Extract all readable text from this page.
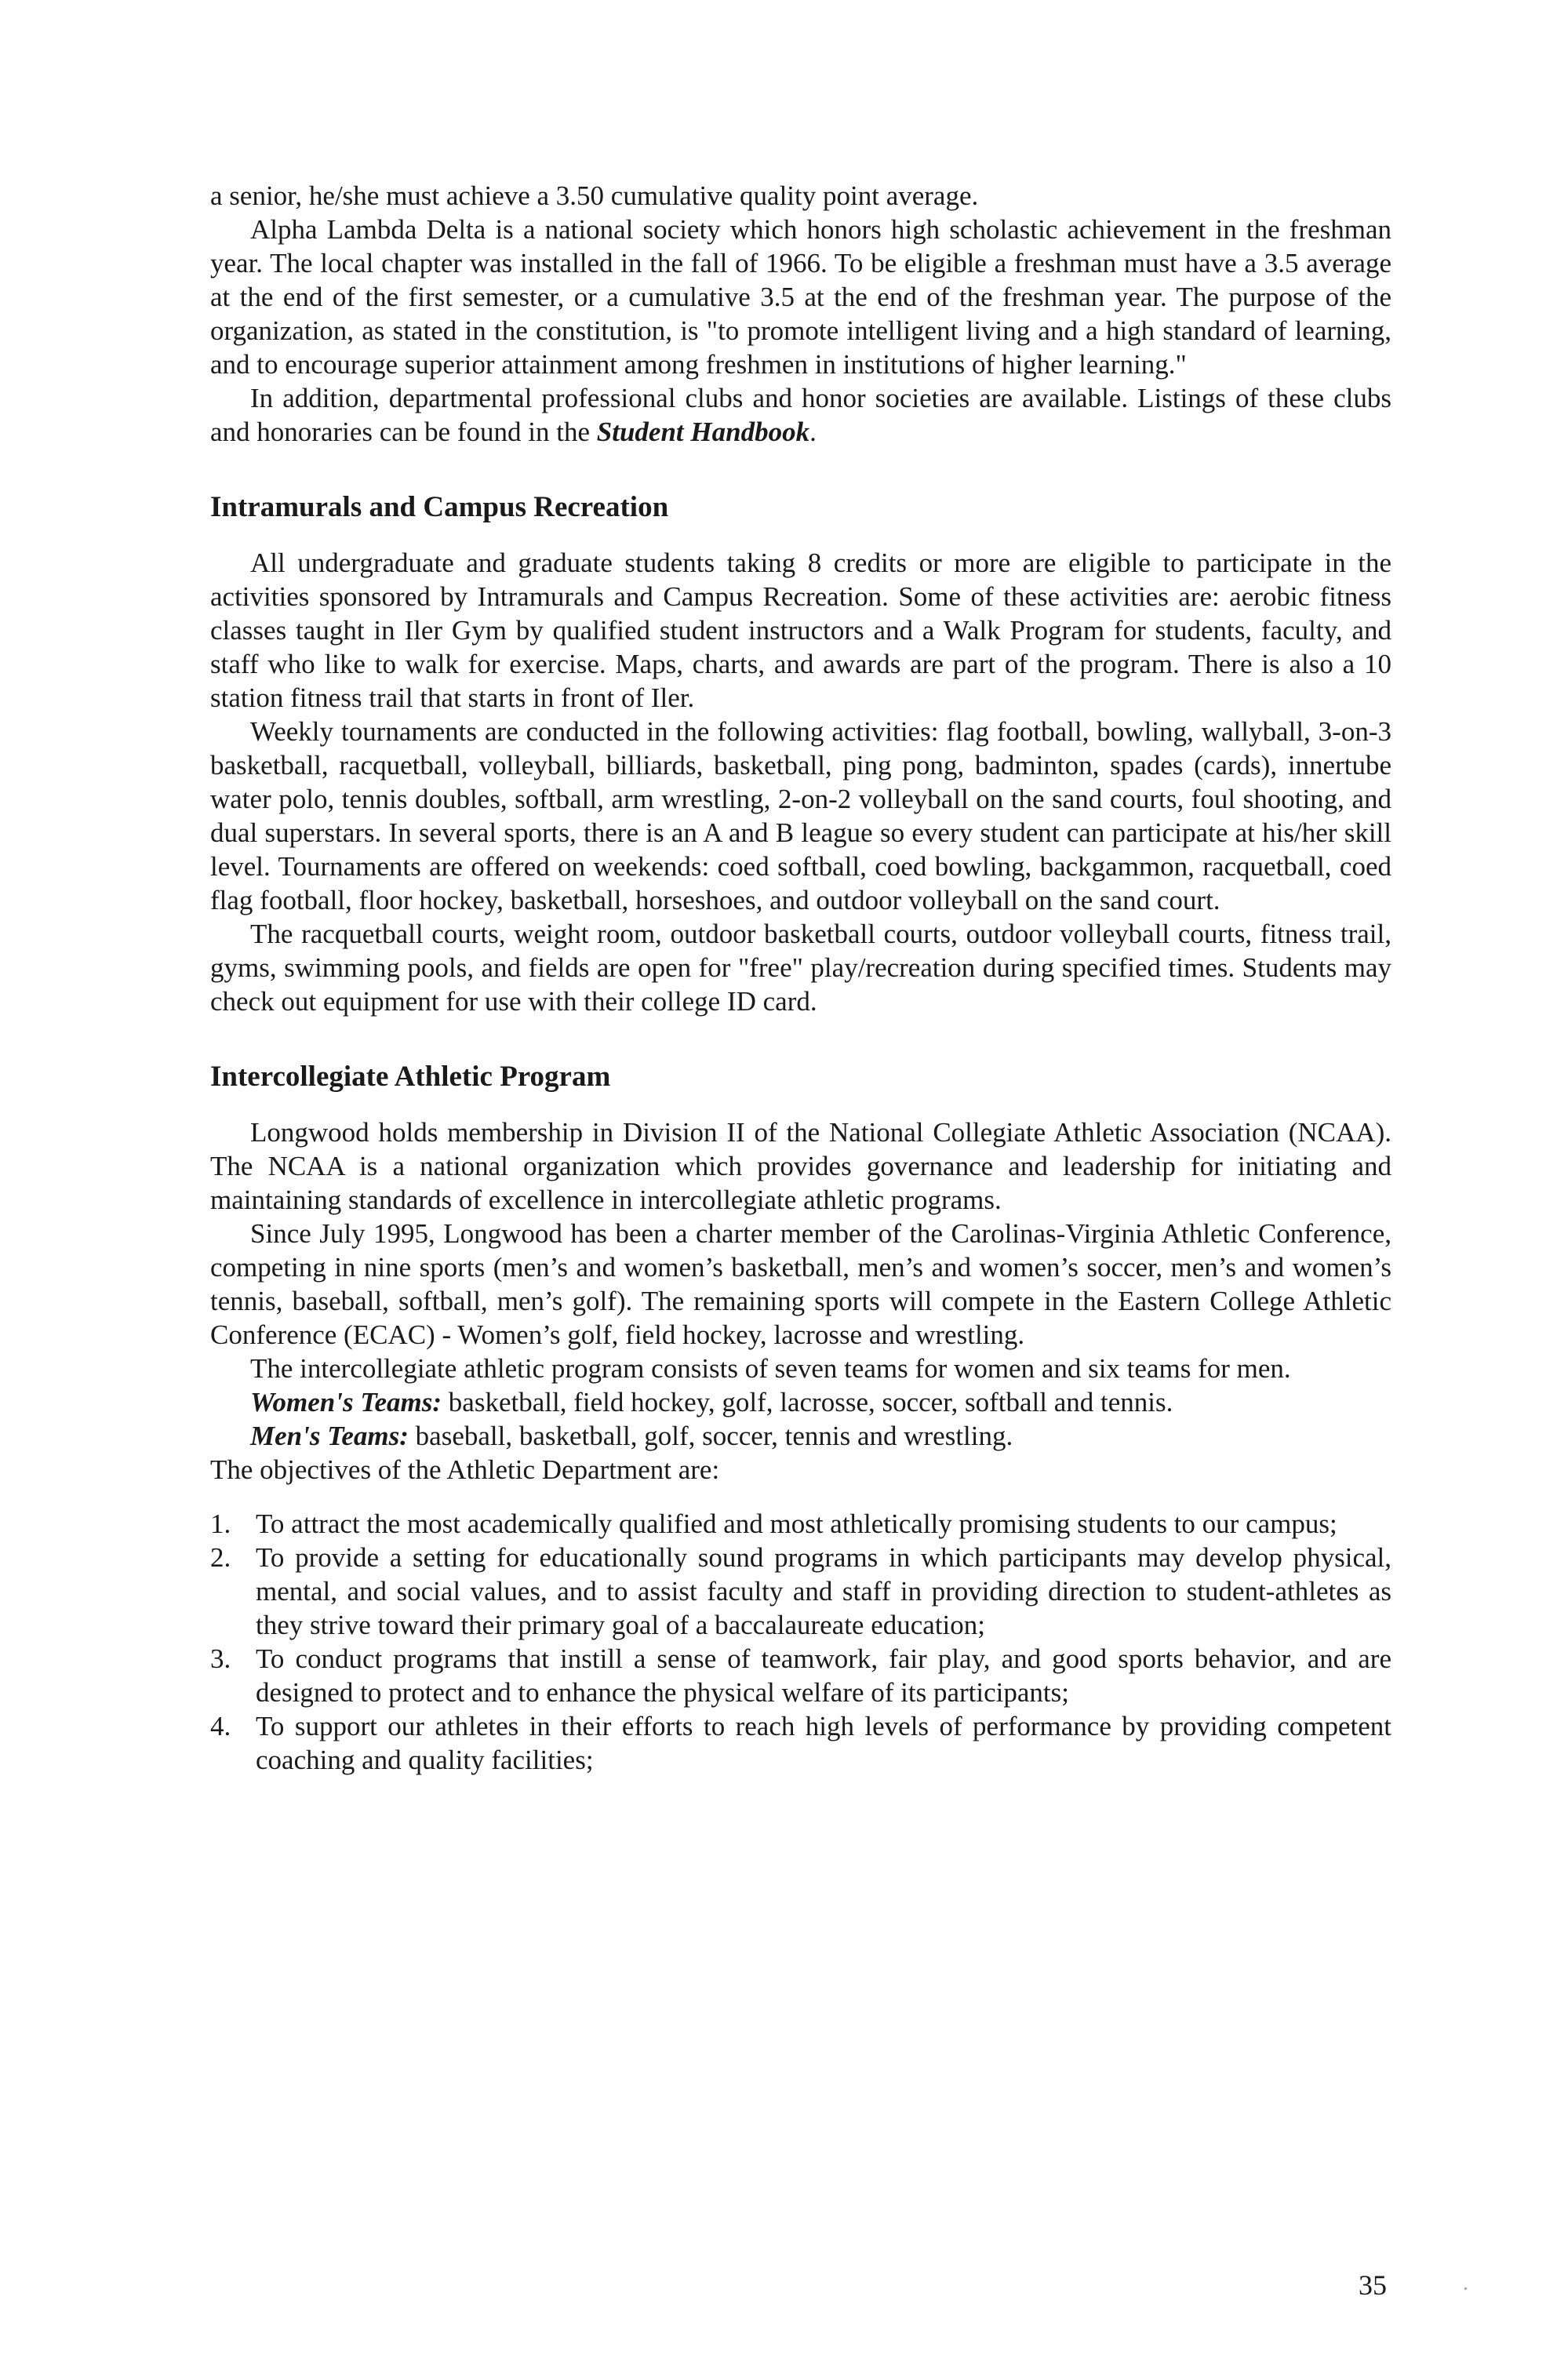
a senior, he/she must achieve a 3.50 cumulative quality point average.

Alpha Lambda Delta is a national society which honors high scholastic achievement in the freshman year. The local chapter was installed in the fall of 1966. To be eligible a freshman must have a 3.5 average at the end of the first semester, or a cumulative 3.5 at the end of the freshman year. The purpose of the organization, as stated in the constitution, is "to promote intelligent living and a high standard of learning, and to encourage superior attainment among freshmen in institutions of higher learning."

In addition, departmental professional clubs and honor societies are available. Listings of these clubs and honoraries can be found in the Student Handbook.

Intramurals and Campus Recreation

All undergraduate and graduate students taking 8 credits or more are eligible to participate in the activities sponsored by Intramurals and Campus Recreation. Some of these activities are: aerobic fitness classes taught in Iler Gym by qualified student instructors and a Walk Program for students, faculty, and staff who like to walk for exercise. Maps, charts, and awards are part of the program. There is also a 10 station fitness trail that starts in front of Iler.

Weekly tournaments are conducted in the following activities: flag football, bowling, wallyball, 3-on-3 basketball, racquetball, volleyball, billiards, basketball, ping pong, badminton, spades (cards), innertube water polo, tennis doubles, softball, arm wrestling, 2-on-2 volleyball on the sand courts, foul shooting, and dual superstars. In several sports, there is an A and B league so every student can participate at his/her skill level. Tournaments are offered on weekends: coed softball, coed bowling, backgammon, racquetball, coed flag football, floor hockey, basketball, horseshoes, and outdoor volleyball on the sand court.

The racquetball courts, weight room, outdoor basketball courts, outdoor volleyball courts, fitness trail, gyms, swimming pools, and fields are open for "free" play/recreation during specified times. Students may check out equipment for use with their college ID card.

Intercollegiate Athletic Program

Longwood holds membership in Division II of the National Collegiate Athletic Association (NCAA). The NCAA is a national organization which provides governance and leadership for initiating and maintaining standards of excellence in intercollegiate athletic programs.

Since July 1995, Longwood has been a charter member of the Carolinas-Virginia Athletic Conference, competing in nine sports (men’s and women’s basketball, men’s and women’s soccer, men’s and women’s tennis, baseball, softball, men’s golf). The remaining sports will compete in the Eastern College Athletic Conference (ECAC) - Women’s golf, field hockey, lacrosse and wrestling.

The intercollegiate athletic program consists of seven teams for women and six teams for men.

Women's Teams: basketball, field hockey, golf, lacrosse, soccer, softball and tennis.

Men's Teams: baseball, basketball, golf, soccer, tennis and wrestling.

The objectives of the Athletic Department are:

1. To attract the most academically qualified and most athletically promising students to our campus;
2. To provide a setting for educationally sound programs in which participants may develop physical, mental, and social values, and to assist faculty and staff in providing direction to student-athletes as they strive toward their primary goal of a baccalaureate education;
3. To conduct programs that instill a sense of teamwork, fair play, and good sports behavior, and are designed to protect and to enhance the physical welfare of its participants;
4. To support our athletes in their efforts to reach high levels of performance by providing competent coaching and quality facilities;
35
